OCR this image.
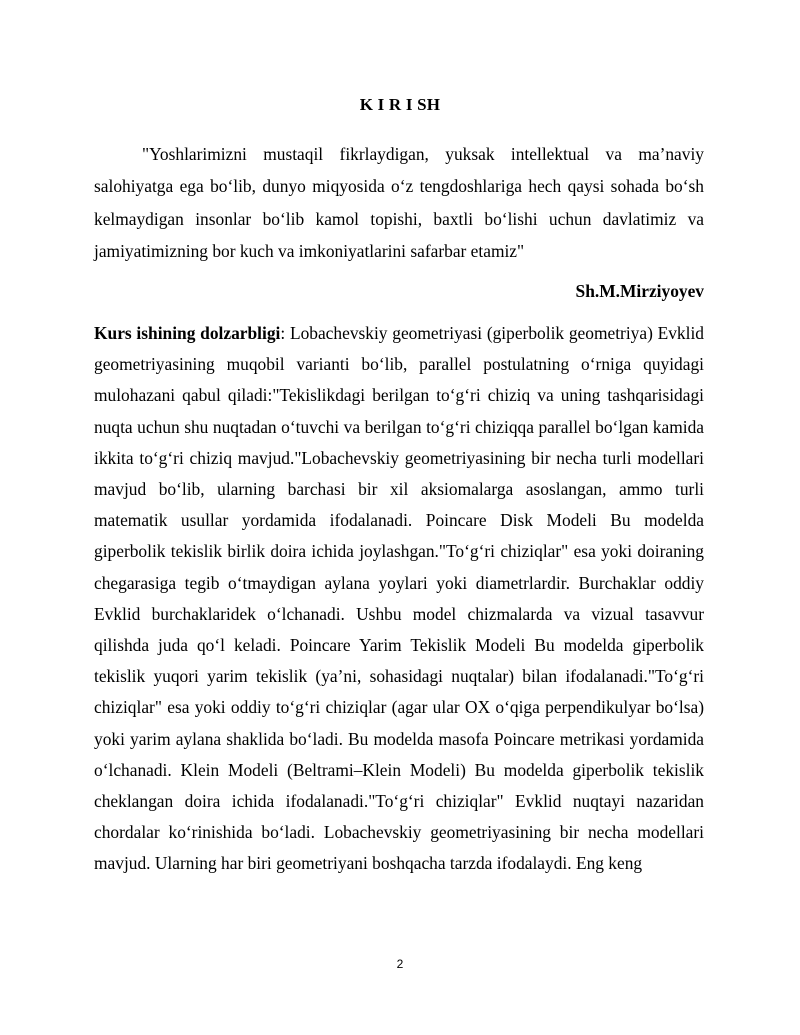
K I R I SH

"Yoshlarimizni mustaqil fikrlaydigan, yuksak intellektual va ma’naviy salohiyatga ega bo‘lib, dunyo miqyosida o‘z tengdoshlariga hech qaysi sohada bo‘sh kelmaydigan insonlar bo‘lib kamol topishi, baxtli bo‘lishi uchun davlatimiz va jamiyatimizning bor kuch va imkoniyatlarini safarbar etamiz"

Sh.M.Mirziyoyev

Kurs ishining dolzarbligi: Lobachevskiy geometriyasi (giperbolik geometriya) Evklid geometriyasining muqobil varianti bo‘lib, parallel postulatning o‘rniga quyidagi mulohazani qabul qiladi:"Tekislikdagi berilgan to‘g‘ri chiziq va uning tashqarisidagi nuqta uchun shu nuqtadan o‘tuvchi va berilgan to‘g‘ri chiziqqa parallel bo‘lgan kamida ikkita to‘g‘ri chiziq mavjud."Lobachevskiy geometriyasining bir necha turli modellari mavjud bo‘lib, ularning barchasi bir xil aksiomalarga asoslangan, ammo turli matematik usullar yordamida ifodalanadi. Poincare Disk Modeli Bu modelda giperbolik tekislik birlik doira ichida joylashgan."To‘g‘ri chiziqlar" esa yoki doiraning chegarasiga tegib o‘tmaydigan aylana yoylari yoki diametrlardir. Burchaklar oddiy Evklid burchaklaridek o‘lchanadi. Ushbu model chizmalarda va vizual tasavvur qilishda juda qo‘l keladi. Poincare Yarim Tekislik Modeli Bu modelda giperbolik tekislik yuqori yarim tekislik (ya’ni, sohasidagi nuqtalar) bilan ifodalanadi."To‘g‘ri chiziqlar" esa yoki oddiy to‘g‘ri chiziqlar (agar ular OX o‘qiga perpendikulyar bo‘lsa) yoki yarim aylana shaklida bo‘ladi. Bu modelda masofa Poincare metrikasi yordamida o‘lchanadi. Klein Modeli (Beltrami–Klein Modeli) Bu modelda giperbolik tekislik cheklangan doira ichida ifodalanadi."To‘g‘ri chiziqlar" Evklid nuqtayi nazaridan chordalar ko‘rinishida bo‘ladi. Lobachevskiy geometriyasining bir necha modellari mavjud. Ularning har biri geometriyani boshqacha tarzda ifodalaydi. Eng keng

2
